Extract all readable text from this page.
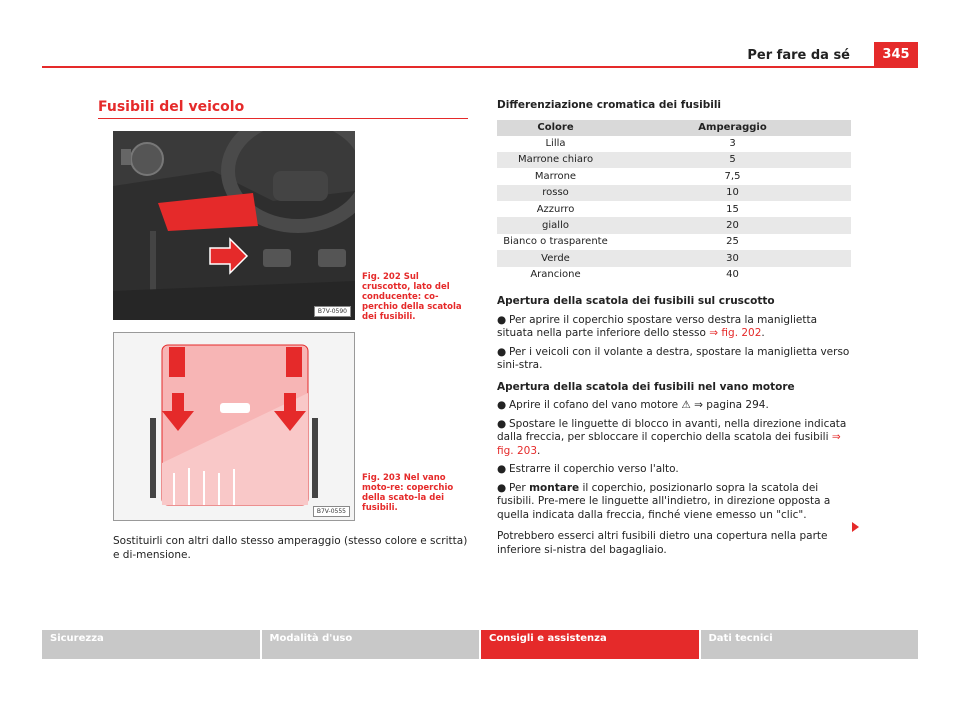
345
Per fare da sé
Fusibili del veicolo
B7V-0590
Fig. 202 Sul cruscotto, lato del conducente: co-perchio della scatola dei fusibili.
B7V-0555
Fig. 203 Nel vano moto-re: coperchio della scato-la dei fusibili.
Sostituirli con altri dallo stesso amperaggio (stesso colore e scritta) e di-mensione.
Differenziazione cromatica dei fusibili
Colore	Amperaggio
Lilla	3
Marrone chiaro	5
Marrone	7,5
rosso	10
Azzurro	15
giallo	20
Bianco o trasparente	25
Verde	30
Arancione	40
Apertura della scatola dei fusibili sul cruscotto
● Per aprire il coperchio spostare verso destra la maniglietta situata nella parte inferiore dello stesso ⇒ fig. 202.
● Per i veicoli con il volante a destra, spostare la maniglietta verso sini-stra.
Apertura della scatola dei fusibili nel vano motore
● Aprire il cofano del vano motore ⚠ ⇒ pagina 294.
● Spostare le linguette di blocco in avanti, nella direzione indicata dalla freccia, per sbloccare il coperchio della scatola dei fusibili ⇒ fig. 203.
● Estrarre il coperchio verso l'alto.
● Per montare il coperchio, posizionarlo sopra la scatola dei fusibili. Pre-mere le linguette all'indietro, in direzione opposta a quella indicata dalla freccia, finché viene emesso un "clic".
Potrebbero esserci altri fusibili dietro una copertura nella parte inferiore si-nistra del bagagliaio.
Sicurezza	Modalità d'uso	Consigli e assistenza	Dati tecnici
